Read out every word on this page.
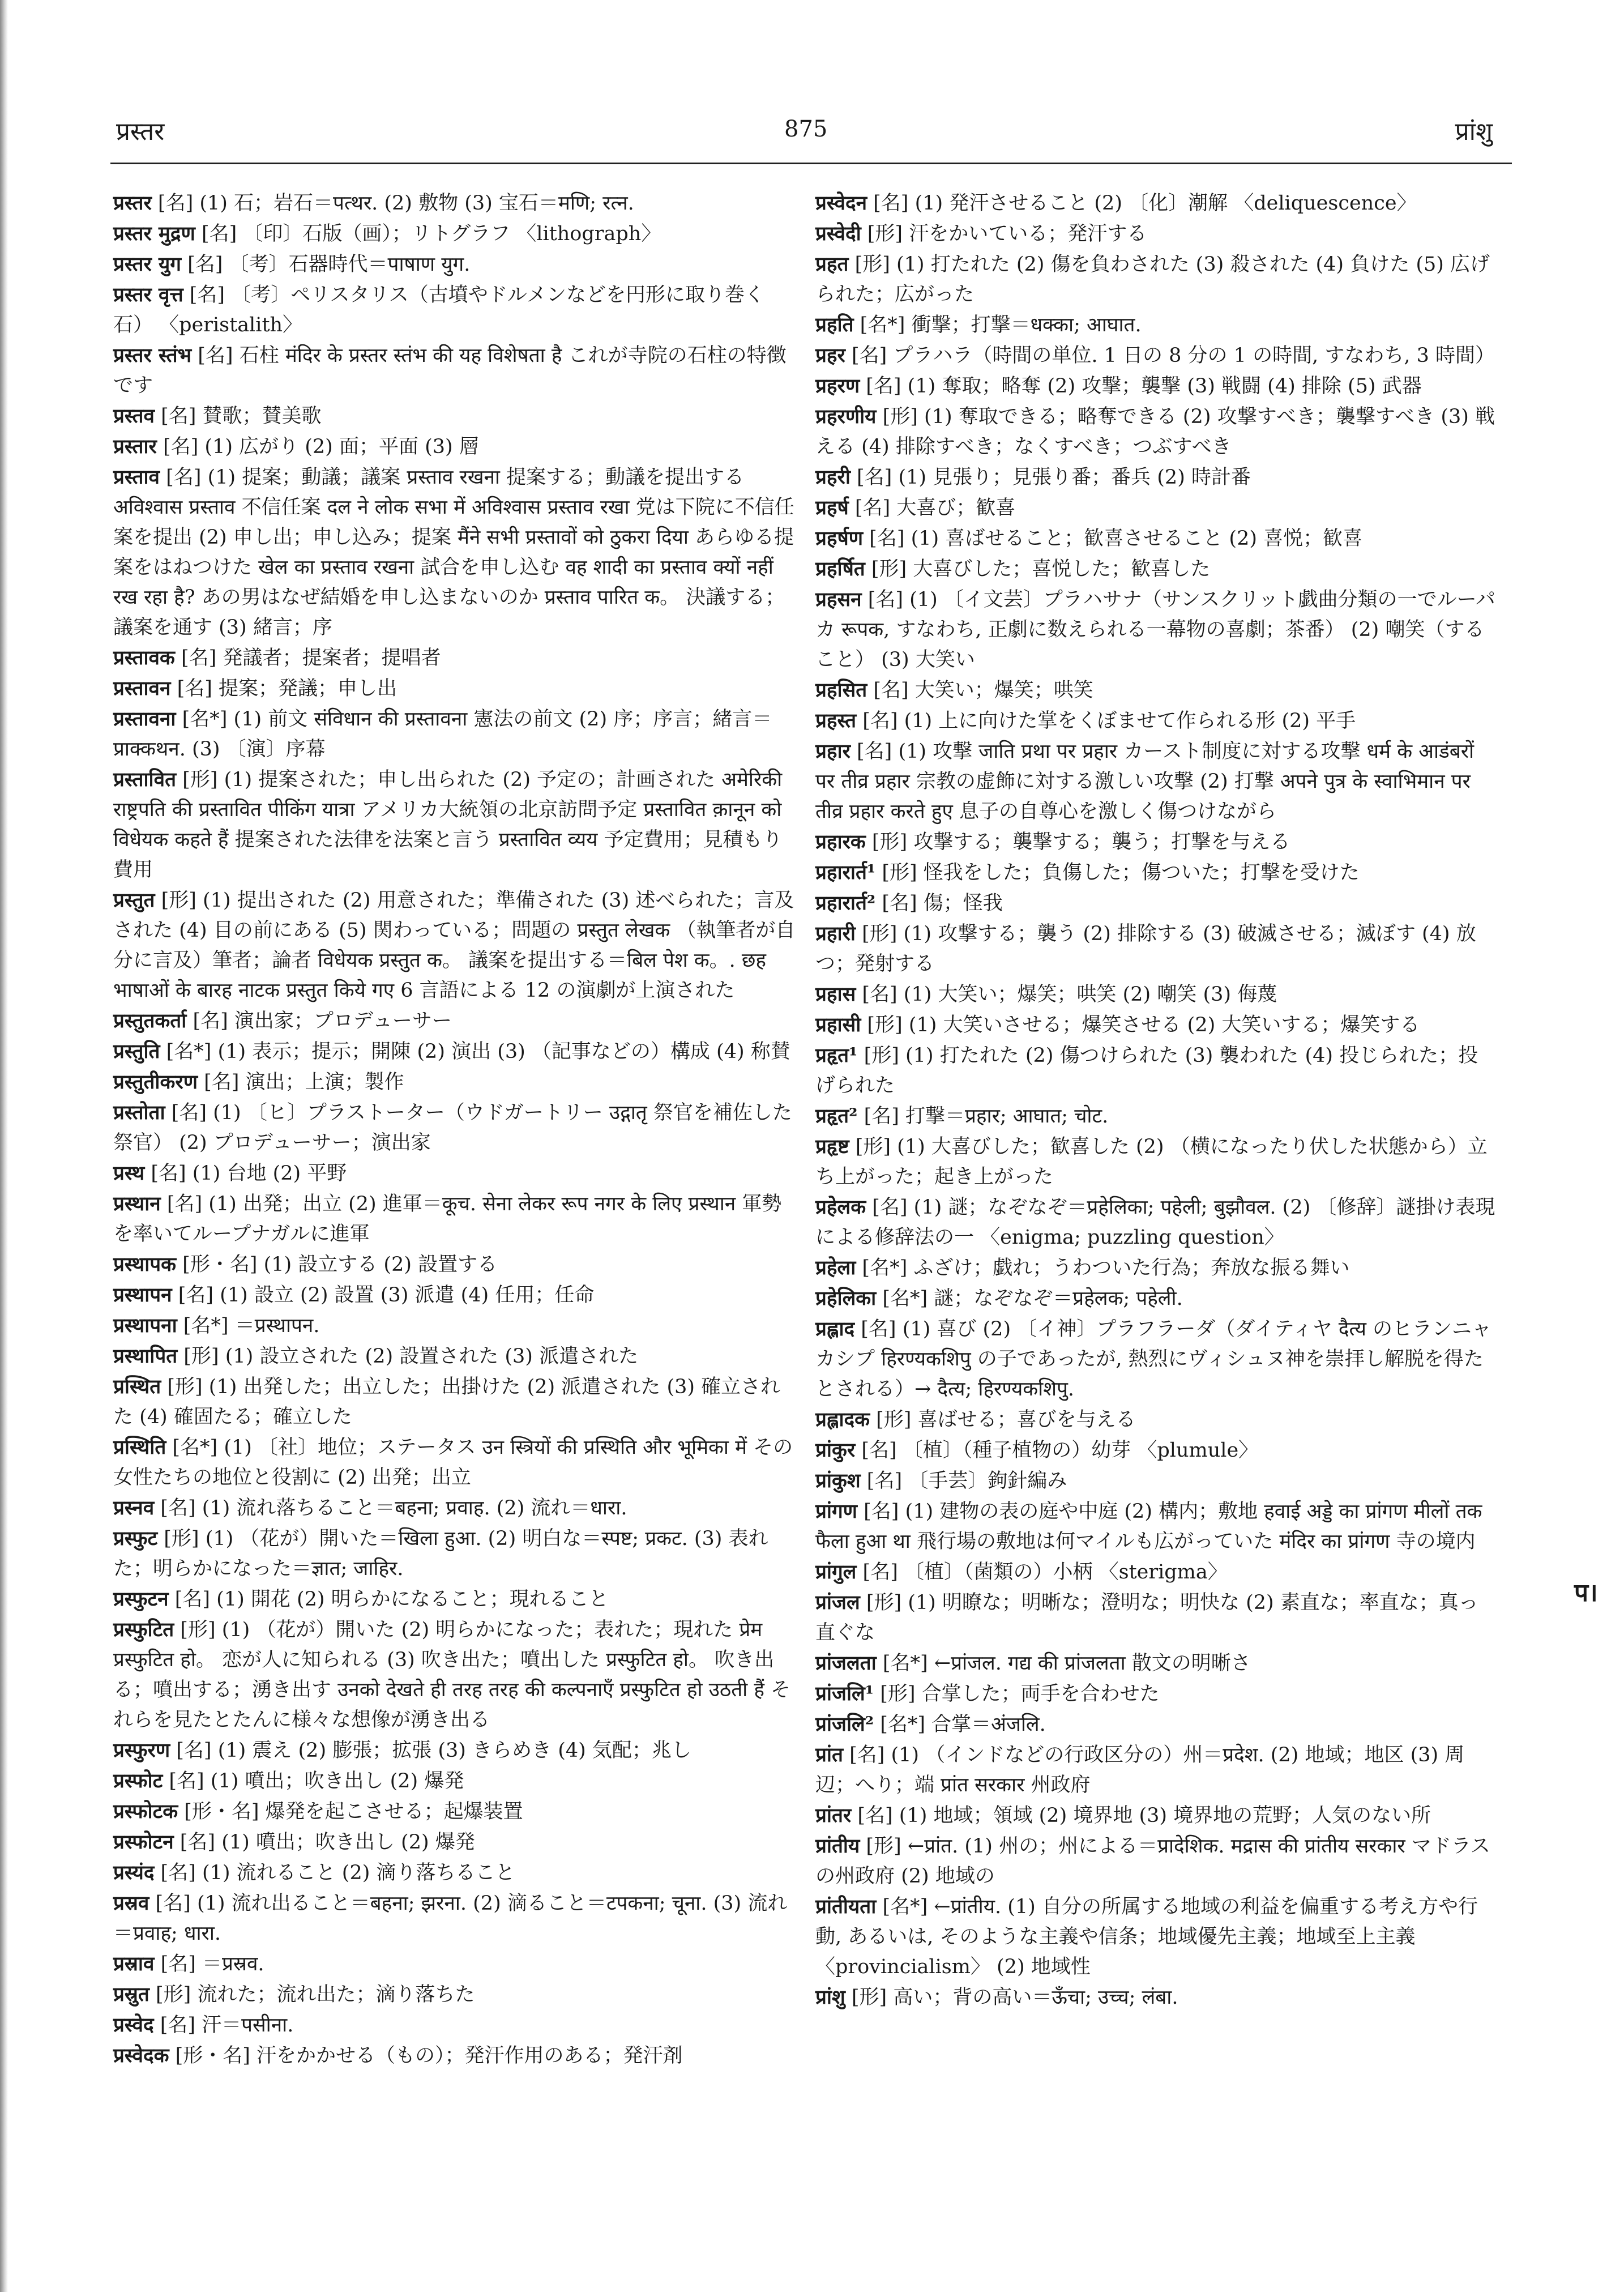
प्रस्तर	875	प्रांशु

प्रस्तर [名] (1) 石；岩石＝पत्थर. (2) 敷物 (3) 宝石＝मणि; रत्न.

प्रस्तर मुद्रण [名] 〔印〕石版（画）；リトグラフ 〈lithograph〉

प्रस्तर युग [名] 〔考〕石器時代＝पाषाण युग.

प्रस्तर वृत्त [名] 〔考〕ペリスタリス（古墳やドルメンなどを円形に取り巻く石） 〈peristalith〉

प्रस्तर स्तंभ [名] 石柱 मंदिर के प्रस्तर स्तंभ की यह विशेषता है これが寺院の石柱の特徴です

प्रस्तव [名] 賛歌；賛美歌

प्रस्तार [名] (1) 広がり (2) 面；平面 (3) 層

प्रस्ताव [名] (1) 提案；動議；議案 प्रस्ताव रखना 提案する；動議を提出する अविश्वास प्रस्ताव 不信任案 दल ने लोक सभा में अविश्वास प्रस्ताव रखा 党は下院に不信任案を提出 (2) 申し出；申し込み；提案 मैंने सभी प्रस्तावों को ठुकरा दिया あらゆる提案をはねつけた खेल का प्रस्ताव रखना 試合を申し込む वह शादी का प्रस्ताव क्यों नहीं रख रहा है? あの男はなぜ結婚を申し込まないのか प्रस्ताव पारित क。 決議する；議案を通す (3) 緒言；序

प्रस्तावक [名] 発議者；提案者；提唱者

प्रस्तावन [名] 提案；発議；申し出

प्रस्तावना [名*] (1) 前文 संविधान की प्रस्तावना 憲法の前文 (2) 序；序言；緒言＝प्राक्कथन. (3) 〔演〕序幕

प्रस्तावित [形] (1) 提案された；申し出られた (2) 予定の；計画された अमेरिकी राष्ट्रपति की प्रस्तावित पीकिंग यात्रा アメリカ大統領の北京訪問予定 प्रस्तावित क़ानून को विधेयक कहते हैं 提案された法律を法案と言う प्रस्तावित व्यय 予定費用；見積もり費用

प्रस्तुत [形] (1) 提出された (2) 用意された；準備された (3) 述べられた；言及された (4) 目の前にある (5) 関わっている；問題の प्रस्तुत लेखक （執筆者が自分に言及）筆者；論者 विधेयक प्रस्तुत क。 議案を提出する＝बिल पेश क。. छह भाषाओं के बारह नाटक प्रस्तुत किये गए 6 言語による 12 の演劇が上演された

प्रस्तुतकर्ता [名] 演出家；プロデューサー

प्रस्तुति [名*] (1) 表示；提示；開陳 (2) 演出 (3) （記事などの）構成 (4) 称賛

प्रस्तुतीकरण [名] 演出；上演；製作

प्रस्तोता [名] (1) 〔ヒ〕プラストーター（ウドガートリー उद्गातृ 祭官を補佐した祭官） (2) プロデューサー；演出家

प्रस्थ [名] (1) 台地 (2) 平野

प्रस्थान [名] (1) 出発；出立 (2) 進軍＝कूच. सेना लेकर रूप नगर के लिए प्रस्थान 軍勢を率いてループナガルに進軍

प्रस्थापक [形・名] (1) 設立する (2) 設置する

प्रस्थापन [名] (1) 設立 (2) 設置 (3) 派遣 (4) 任用；任命

प्रस्थापना [名*] ＝प्रस्थापन.

प्रस्थापित [形] (1) 設立された (2) 設置された (3) 派遣された

प्रस्थित [形] (1) 出発した；出立した；出掛けた (2) 派遣された (3) 確立された (4) 確固たる；確立した

प्रस्थिति [名*] (1) 〔社〕地位；ステータス उन स्त्रियों की प्रस्थिति और भूमिका में その女性たちの地位と役割に (2) 出発；出立

प्रस्नव [名] (1) 流れ落ちること＝बहना; प्रवाह. (2) 流れ＝धारा.

प्रस्फुट [形] (1) （花が）開いた＝खिला हुआ. (2) 明白な＝स्पष्ट; प्रकट. (3) 表れた；明らかになった＝ज्ञात; जाहिर.

प्रस्फुटन [名] (1) 開花 (2) 明らかになること；現れること

प्रस्फुटित [形] (1) （花が）開いた (2) 明らかになった；表れた；現れた प्रेम प्रस्फुटित हो。 恋が人に知られる (3) 吹き出た；噴出した प्रस्फुटित हो。 吹き出る；噴出する；湧き出す उनको देखते ही तरह तरह की कल्पनाएँ प्रस्फुटित हो उठती हैं それらを見たとたんに様々な想像が湧き出る

प्रस्फुरण [名] (1) 震え (2) 膨張；拡張 (3) きらめき (4) 気配；兆し

प्रस्फोट [名] (1) 噴出；吹き出し (2) 爆発

प्रस्फोटक [形・名] 爆発を起こさせる；起爆装置

प्रस्फोटन [名] (1) 噴出；吹き出し (2) 爆発

प्रस्यंद [名] (1) 流れること (2) 滴り落ちること

प्रस्रव [名] (1) 流れ出ること＝बहना; झरना. (2) 滴ること＝टपकना; चूना. (3) 流れ＝प्रवाह; धारा.

प्रस्राव [名] ＝प्रस्रव.

प्रस्रुत [形] 流れた；流れ出た；滴り落ちた

प्रस्वेद [名] 汗＝पसीना.

प्रस्वेदक [形・名] 汗をかかせる（もの）；発汗作用のある；発汗剤

प्रस्वेदन [名] (1) 発汗させること (2) 〔化〕潮解 〈deliquescence〉

प्रस्वेदी [形] 汗をかいている；発汗する

प्रहत [形] (1) 打たれた (2) 傷を負わされた (3) 殺された (4) 負けた (5) 広げられた；広がった

प्रहति [名*] 衝撃；打撃＝धक्का; आघात.

प्रहर [名] プラハラ（時間の単位. 1 日の 8 分の 1 の時間, すなわち, 3 時間）

प्रहरण [名] (1) 奪取；略奪 (2) 攻撃；襲撃 (3) 戦闘 (4) 排除 (5) 武器

प्रहरणीय [形] (1) 奪取できる；略奪できる (2) 攻撃すべき；襲撃すべき (3) 戦える (4) 排除すべき；なくすべき；つぶすべき

प्रहरी [名] (1) 見張り；見張り番；番兵 (2) 時計番

प्रहर्ष [名] 大喜び；歓喜

प्रहर्षण [名] (1) 喜ばせること；歓喜させること (2) 喜悦；歓喜

प्रहर्षित [形] 大喜びした；喜悦した；歓喜した

प्रहसन [名] (1) 〔イ文芸〕プラハサナ（サンスクリット戯曲分類の一でルーパカ रूपक, すなわち, 正劇に数えられる一幕物の喜劇；茶番） (2) 嘲笑（すること） (3) 大笑い

प्रहसित [名] 大笑い；爆笑；哄笑

प्रहस्त [名] (1) 上に向けた掌をくぼませて作られる形 (2) 平手

प्रहार [名] (1) 攻撃 जाति प्रथा पर प्रहार カースト制度に対する攻撃 धर्म के आडंबरों पर तीव्र प्रहार 宗教の虚飾に対する激しい攻撃 (2) 打撃 अपने पुत्र के स्वाभिमान पर तीव्र प्रहार करते हुए 息子の自尊心を激しく傷つけながら

प्रहारक [形] 攻撃する；襲撃する；襲う；打撃を与える

प्रहारार्त¹ [形] 怪我をした；負傷した；傷ついた；打撃を受けた

प्रहारार्त² [名] 傷；怪我

प्रहारी [形] (1) 攻撃する；襲う (2) 排除する (3) 破滅させる；滅ぼす (4) 放つ；発射する

प्रहास [名] (1) 大笑い；爆笑；哄笑 (2) 嘲笑 (3) 侮蔑

प्रहासी [形] (1) 大笑いさせる；爆笑させる (2) 大笑いする；爆笑する

प्रहृत¹ [形] (1) 打たれた (2) 傷つけられた (3) 襲われた (4) 投じられた；投げられた

प्रहृत² [名] 打撃＝प्रहार; आघात; चोट.

प्रहृष्ट [形] (1) 大喜びした；歓喜した (2) （横になったり伏した状態から）立ち上がった；起き上がった

प्रहेलक [名] (1) 謎；なぞなぞ＝प्रहेलिका; पहेली; बुझौवल. (2) 〔修辞〕謎掛け表現による修辞法の一 〈enigma; puzzling question〉

प्रहेला [名*] ふざけ；戯れ；うわついた行為；奔放な振る舞い

प्रहेलिका [名*] 謎；なぞなぞ＝प्रहेलक; पहेली.

प्रह्लाद [名] (1) 喜び (2) 〔イ神〕プラフラーダ（ダイティヤ दैत्य のヒランニャカシプ हिरण्यकशिपु の子であったが, 熱烈にヴィシュヌ神を崇拝し解脱を得たとされる）→ दैत्य; हिरण्यकशिपु.

प्रह्लादक [形] 喜ばせる；喜びを与える

प्रांकुर [名] 〔植〕（種子植物の）幼芽 〈plumule〉

प्रांकुश [名] 〔手芸〕鉤針編み

प्रांगण [名] (1) 建物の表の庭や中庭 (2) 構内；敷地 हवाई अड्डे का प्रांगण मीलों तक फैला हुआ था 飛行場の敷地は何マイルも広がっていた मंदिर का प्रांगण 寺の境内

प्रांगुल [名] 〔植〕（菌類の）小柄 〈sterigma〉

प्रांजल [形] (1) 明瞭な；明晰な；澄明な；明快な (2) 素直な；率直な；真っ直ぐな

प्रांजलता [名*] ←प्रांजल. गद्य की प्रांजलता 散文の明晰さ

प्रांजलि¹ [形] 合掌した；両手を合わせた

प्रांजलि² [名*] 合掌＝अंजलि.

प्रांत [名] (1) （インドなどの行政区分の）州＝प्रदेश. (2) 地域；地区 (3) 周辺；へり；端 प्रांत सरकार 州政府

प्रांतर [名] (1) 地域；領域 (2) 境界地 (3) 境界地の荒野；人気のない所

प्रांतीय [形] ←प्रांत. (1) 州の；州による＝प्रादेशिक. मद्रास की प्रांतीय सरकार マドラスの州政府 (2) 地域の

प्रांतीयता [名*] ←प्रांतीय. (1) 自分の所属する地域の利益を偏重する考え方や行動, あるいは, そのような主義や信条；地域優先主義；地域至上主義 〈provincialism〉 (2) 地域性

प्रांशु [形] 高い；背の高い＝ऊँचा; उच्च; लंबा.

प।
